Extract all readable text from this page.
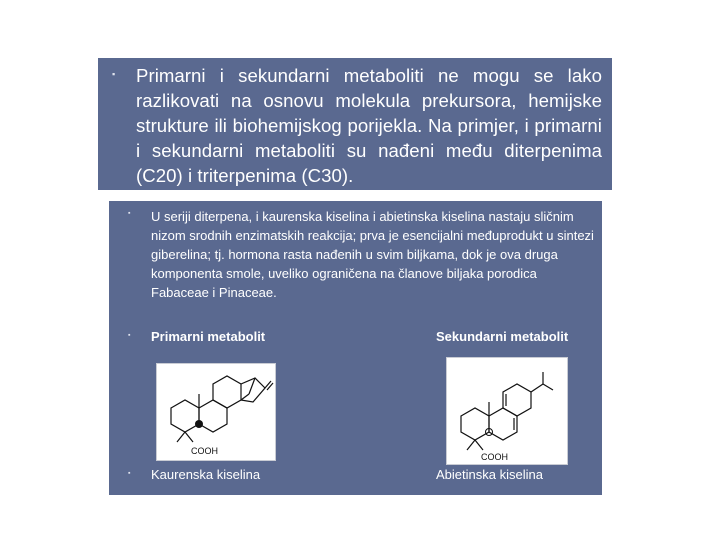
▪ Primarni i sekundarni metaboliti ne mogu se lako razlikovati na osnovu molekula prekursora, hemijske strukture ili biohemijskog porijekla. Na primjer, i primarni i sekundarni metaboliti su nađeni među diterpenima (C20) i triterpenima (C30).
▪ U seriji diterpena, i kaurenska kiselina i abietinska kiselina nastaju sličnim nizom srodnih enzimatskih reakcija; prva je esencijalni međuprodukt u sintezi giberelina; tj. hormona rasta nađenih u svim biljkama, dok je ova druga komponenta smole, uveliko ograničena na članove biljaka porodica Fabaceae i Pinaceae.
▪ Primarni metabolit	Sekundarni metabolit
COOH
COOH
▪ Kaurenska kiselina	Abietinska kiselina
